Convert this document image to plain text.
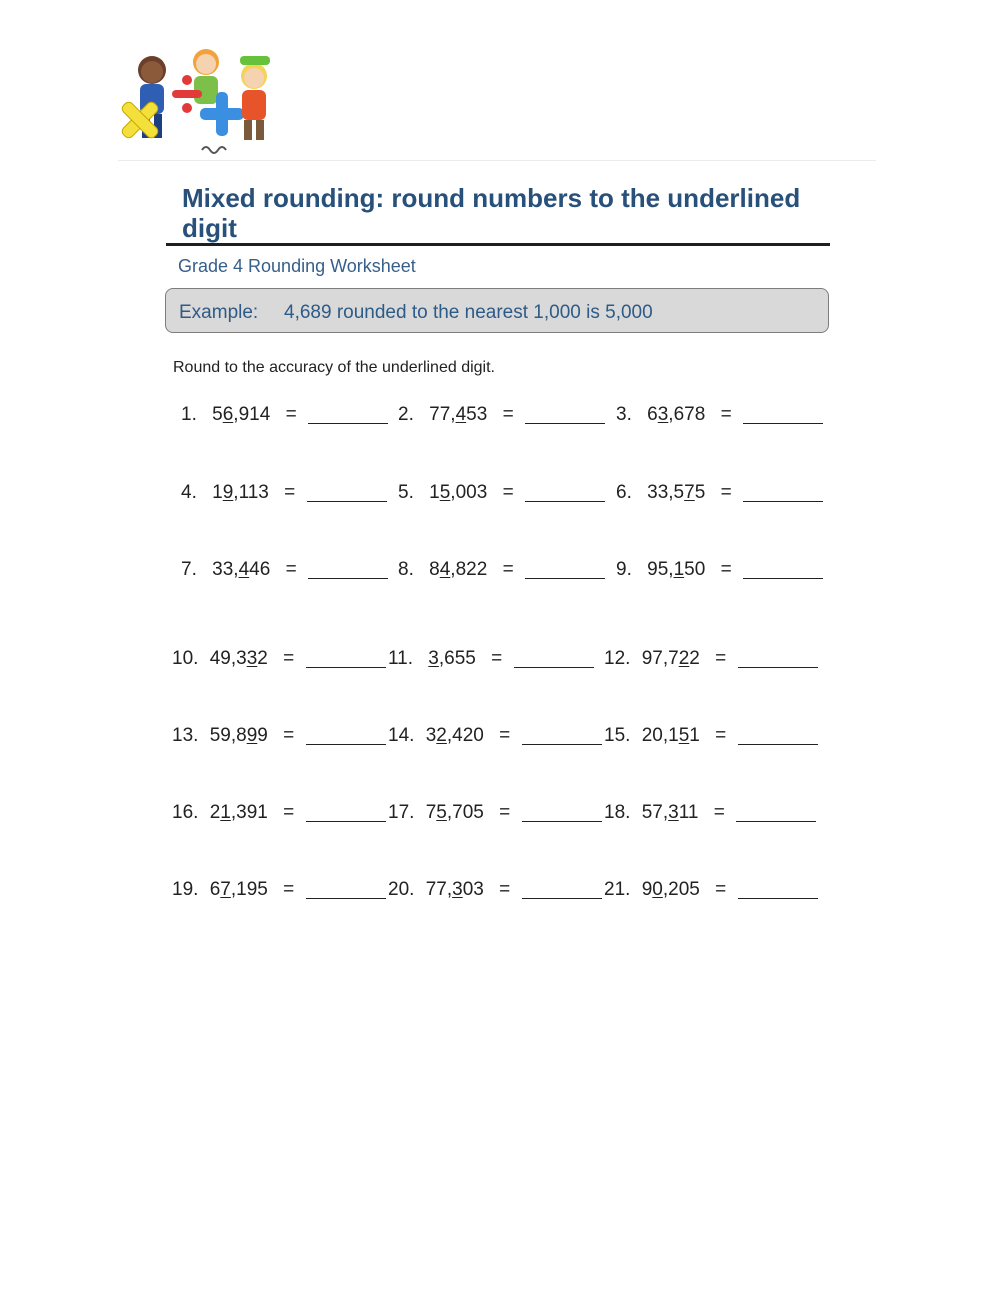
Mixed rounding: round numbers to the underlined digit
Grade 4 Rounding Worksheet
Example: 4,689 rounded to the nearest 1,000 is 5,000
Round to the accuracy of the underlined digit.
1. 56,914 =	2. 77,453 =	3. 63,678 =
4. 19,113 =	5. 15,003 =	6. 33,575 =
7. 33,446 =	8. 84,822 =	9. 95,150 =
10. 49,332 =	11. 3,655 =	12. 97,722 =
13. 59,899 =	14. 32,420 =	15. 20,151 =
16. 21,391 =	17. 75,705 =	18. 57,311 =
19. 67,195 =	20. 77,303 =	21. 90,205 =
